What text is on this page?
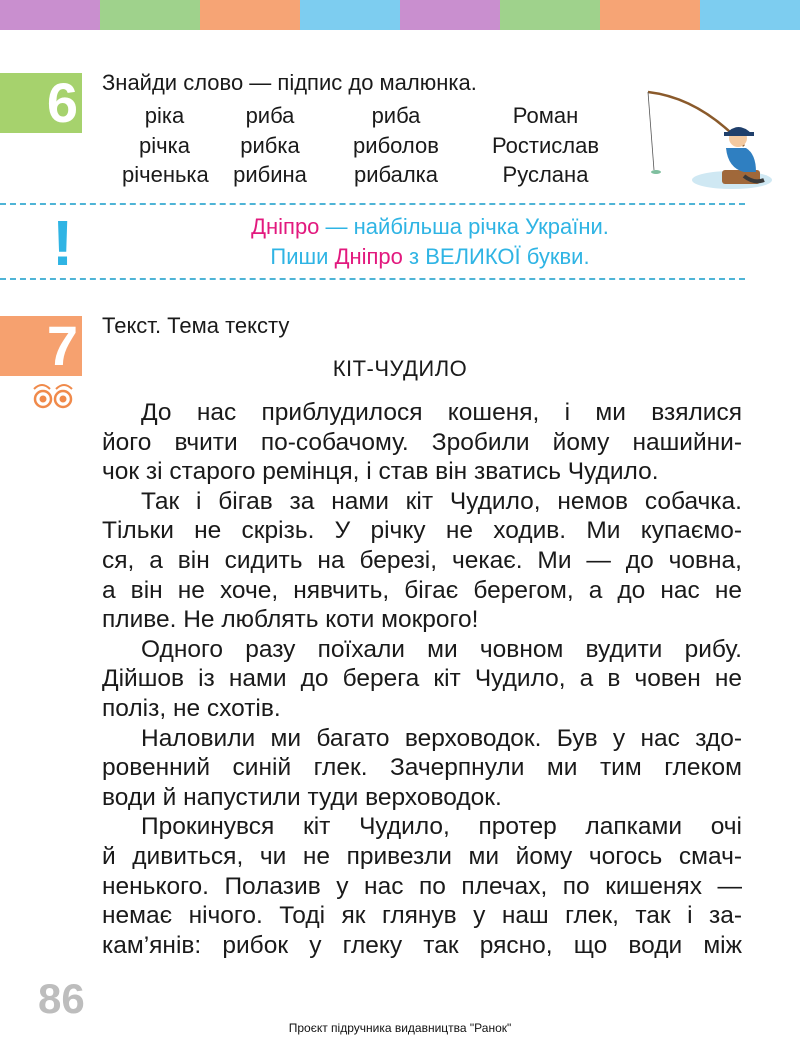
6 Знайди слово — підпис до малюнка.
ріка	риба	риба	Роман
річка	рибка	риболов	Ростислав
річенька	рибина	рибалка	Руслана
!	Дніпро — найбільша річка України.
Пиши Дніпро з ВЕЛИКОЇ букви.
7 Текст. Тема тексту
КІТ-ЧУДИЛО

До нас приблудилося кошеня, і ми взялися

його вчити по-собачому. Зробили йому нашийни-

чок зі старого ремінця, і став він зватись Чудило.

Так і бігав за нами кіт Чудило, немов собачка.

Тільки не скрізь. У річку не ходив. Ми купаємо-

ся, а він сидить на березі, чекає. Ми — до човна,

а він не хоче, нявчить, бігає берегом, а до нас не

пливе. Не люблять коти мокрого!

Одного разу поїхали ми човном вудити рибу.

Дійшов із нами до берега кіт Чудило, а в човен не

поліз, не схотів.

Наловили ми багато верховодок. Був у нас здо-

ровенний синій глек. Зачерпнули ми тим глеком

води й напустили туди верховодок.

Прокинувся кіт Чудило, протер лапками очі

й дивиться, чи не привезли ми йому чогось смач-

ненького. Полазив у нас по плечах, по кишенях —

немає нічого. Тоді як глянув у наш глек, так і за-

кам’янів: рибок у глеку так рясно, що води між

86
Проєкт підручника видавництва "Ранок"
